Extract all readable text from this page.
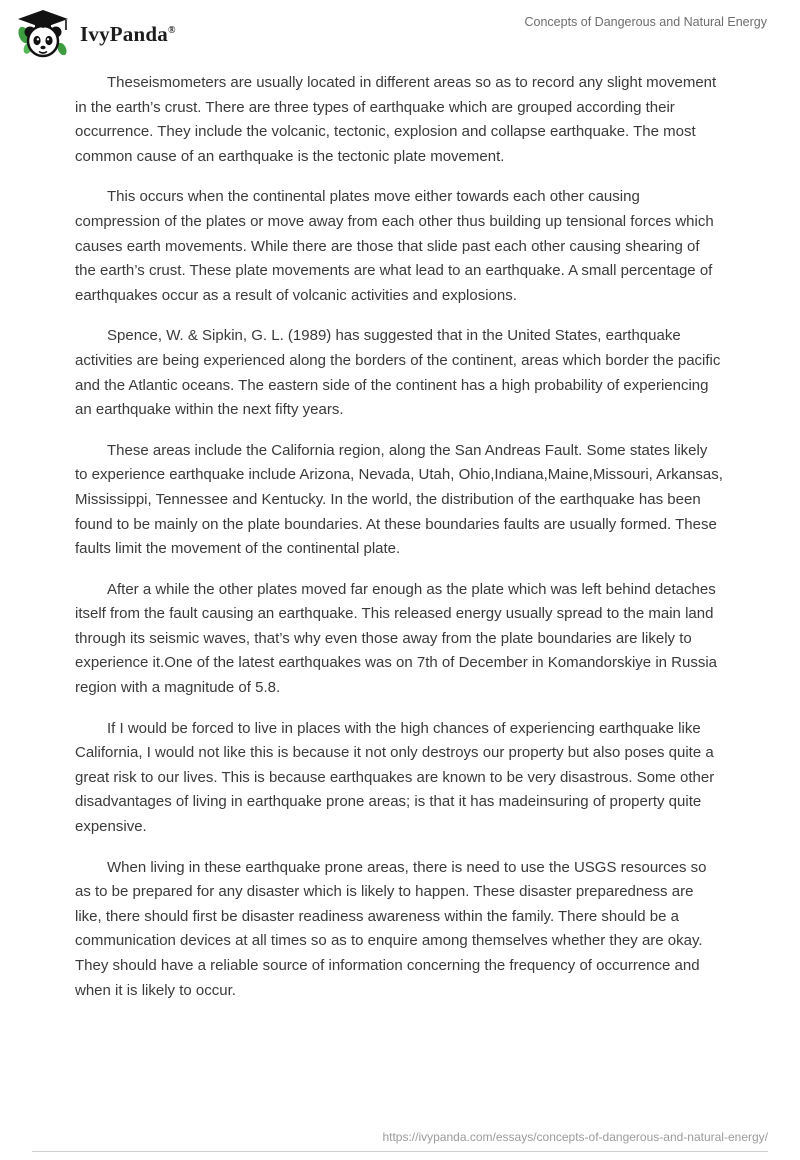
IvyPanda®
Concepts of Dangerous and Natural Energy

Theseismometers are usually located in different areas so as to record any slight movement in the earth’s crust. There are three types of earthquake which are grouped according their occurrence. They include the volcanic, tectonic, explosion and collapse earthquake. The most common cause of an earthquake is the tectonic plate movement.

This occurs when the continental plates move either towards each other causing compression of the plates or move away from each other thus building up tensional forces which causes earth movements. While there are those that slide past each other causing shearing of the earth’s crust. These plate movements are what lead to an earthquake. A small percentage of earthquakes occur as a result of volcanic activities and explosions.

Spence, W. & Sipkin, G. L. (1989) has suggested that in the United States, earthquake activities are being experienced along the borders of the continent, areas which border the pacific and the Atlantic oceans. The eastern side of the continent has a high probability of experiencing an earthquake within the next fifty years.

These areas include the California region, along the San Andreas Fault. Some states likely to experience earthquake include Arizona, Nevada, Utah, Ohio,Indiana,Maine,Missouri, Arkansas, Mississippi, Tennessee and Kentucky. In the world, the distribution of the earthquake has been found to be mainly on the plate boundaries. At these boundaries faults are usually formed. These faults limit the movement of the continental plate.

After a while the other plates moved far enough as the plate which was left behind detaches itself from the fault causing an earthquake. This released energy usually spread to the main land through its seismic waves, that’s why even those away from the plate boundaries are likely to experience it.One of the latest earthquakes was on 7th of December in Komandorskiye in Russia region with a magnitude of 5.8.

If I would be forced to live in places with the high chances of experiencing earthquake like California, I would not like this is because it not only destroys our property but also poses quite a great risk to our lives. This is because earthquakes are known to be very disastrous. Some other disadvantages of living in earthquake prone areas; is that it has madeinsuring of property quite expensive.

When living in these earthquake prone areas, there is need to use the USGS resources so as to be prepared for any disaster which is likely to happen. These disaster preparedness are like, there should first be disaster readiness awareness within the family. There should be a communication devices at all times so as to enquire among themselves whether they are okay. They should have a reliable source of information concerning the frequency of occurrence and when it is likely to occur.

https://ivypanda.com/essays/concepts-of-dangerous-and-natural-energy/
